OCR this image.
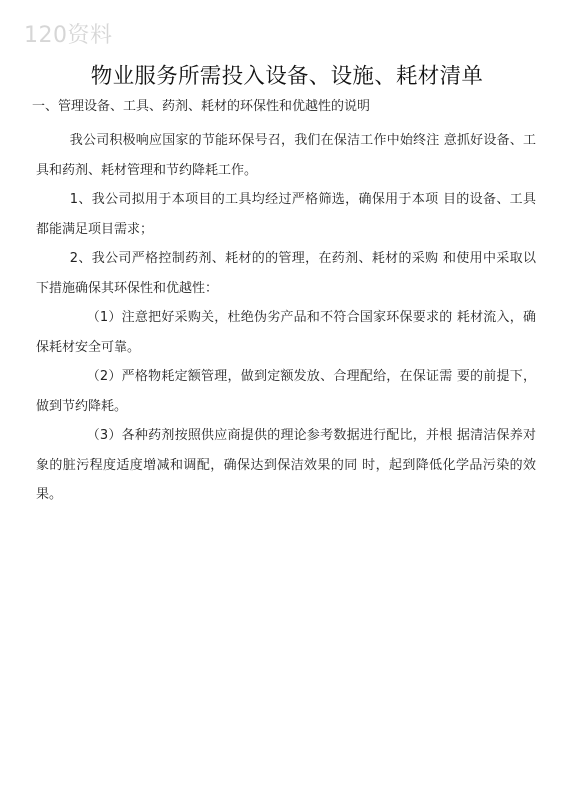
120资料
物业服务所需投入设备、设施、耗材清单
一、管理设备、工具、药剂、耗材的环保性和优越性的说明

我公司积极响应国家的节能环保号召，我们在保洁工作中始终注 意抓好设备、工具和药剂、耗材管理和节约降耗工作。

1、我公司拟用于本项目的工具均经过严格筛选，确保用于本项 目的设备、工具都能满足项目需求；

2、我公司严格控制药剂、耗材的的管理，在药剂、耗材的采购 和使用中采取以下措施确保其环保性和优越性：

（1）注意把好采购关，杜绝伪劣产品和不符合国家环保要求的 耗材流入，确保耗材安全可靠。

（2）严格物耗定额管理，做到定额发放、合理配给，在保证需 要的前提下，做到节约降耗。

（3）各种药剂按照供应商提供的理论参考数据进行配比，并根 据清洁保养对象的脏污程度适度增减和调配，确保达到保洁效果的同 时，起到降低化学品污染的效果。
